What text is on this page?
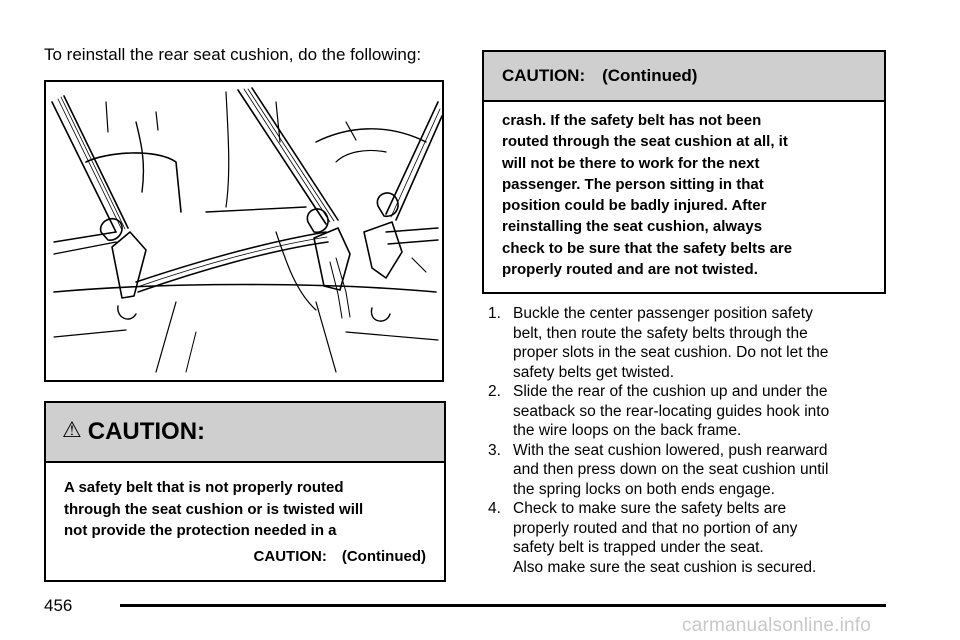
To reinstall the rear seat cushion, do the following:
⚠ CAUTION:
A safety belt that is not properly routed
through the seat cushion or is twisted will
not provide the protection needed in a
CAUTION: (Continued)
CAUTION: (Continued)
crash. If the safety belt has not been
routed through the seat cushion at all, it
will not be there to work for the next
passenger. The person sitting in that
position could be badly injured. After
reinstalling the seat cushion, always
check to be sure that the safety belts are
properly routed and are not twisted.
1. Buckle the center passenger position safety
belt, then route the safety belts through the
proper slots in the seat cushion. Do not let the
safety belts get twisted.
2. Slide the rear of the cushion up and under the
seatback so the rear-locating guides hook into
the wire loops on the back frame.
3. With the seat cushion lowered, push rearward
and then press down on the seat cushion until
the spring locks on both ends engage.
4. Check to make sure the safety belts are
properly routed and that no portion of any
safety belt is trapped under the seat.
Also make sure the seat cushion is secured.
456
carmanualsonline.info
